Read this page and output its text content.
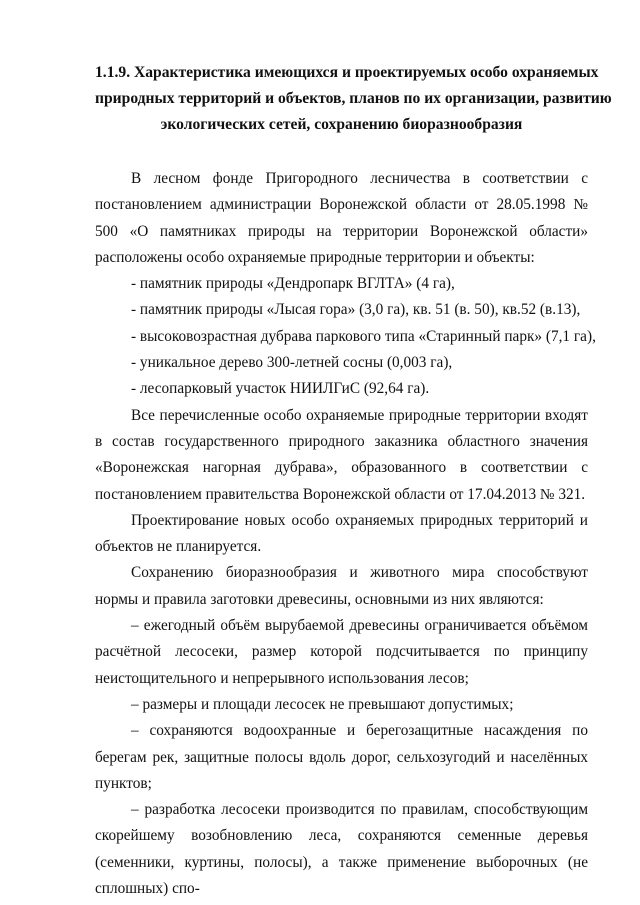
1.1.9. Характеристика имеющихся и проектируемых особо охраняемых
природных территорий и объектов, планов по их организации, развитию
экологических сетей, сохранению биоразнообразия

В лесном фонде Пригородного лесничества в соответствии с постановлением администрации Воронежской области от 28.05.1998 № 500 «О памятниках природы на территории Воронежской области» расположены особо охраняемые природные территории и объекты:

- памятник природы «Дендропарк ВГЛТА» (4 га),

- памятник природы «Лысая гора» (3,0 га), кв. 51 (в. 50), кв.52 (в.13),

- высоковозрастная дубрава паркового типа «Старинный парк» (7,1 га),

- уникальное дерево 300-летней сосны (0,003 га),

- лесопарковый участок НИИЛГиС (92,64 га).

Все перечисленные особо охраняемые природные территории входят в состав государственного природного заказника областного значения «Воронежская нагорная дубрава», образованного в соответствии с постановлением правительства Воронежской области от 17.04.2013 № 321.

Проектирование новых особо охраняемых природных территорий и объектов не планируется.

Сохранению биоразнообразия и животного мира способствуют нормы и правила заготовки древесины, основными из них являются:

– ежегодный объём вырубаемой древесины ограничивается объёмом расчётной лесосеки, размер которой подсчитывается по принципу неистощительного и непрерывного использования лесов;

– размеры и площади лесосек не превышают допустимых;

– сохраняются водоохранные и берегозащитные насаждения по берегам рек, защитные полосы вдоль дорог, сельхозугодий и населённых пунктов;

– разработка лесосеки производится по правилам, способствующим скорейшему возобновлению леса, сохраняются семенные деревья (семенники, куртины, полосы), а также применение выборочных (не сплошных) спо-
